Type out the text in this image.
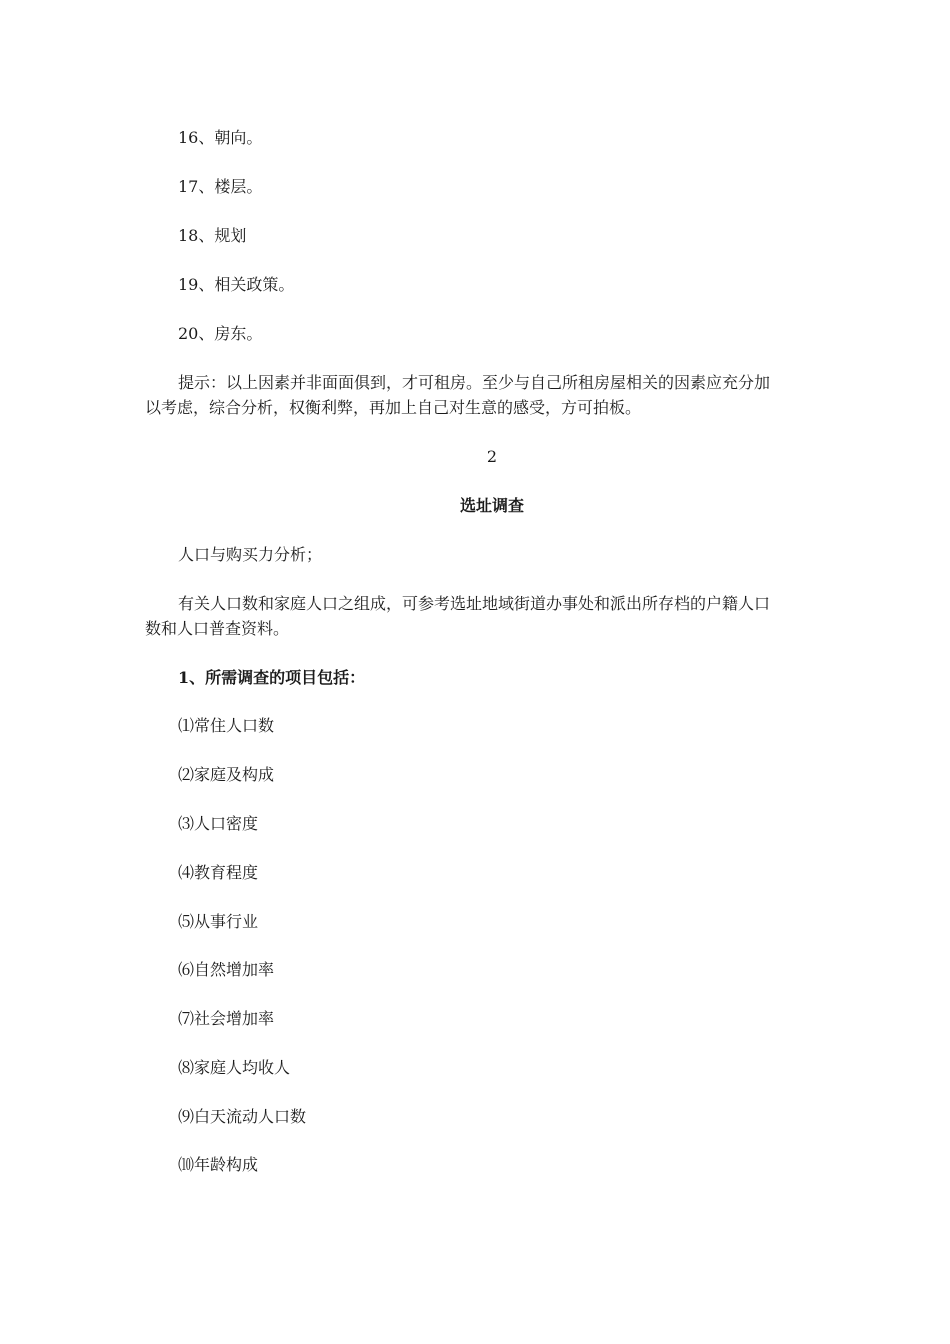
16、朝向。
17、楼层。
18、规划
19、相关政策。
20、房东。
提示：以上因素并非面面俱到，才可租房。至少与自己所租房屋相关的因素应充分加
以考虑，综合分析，权衡利弊，再加上自己对生意的感受，方可拍板。
2
选址调查
人口与购买力分析；
有关人口数和家庭人口之组成，可参考选址地域街道办事处和派出所存档的户籍人口
数和人口普查资料。
1、所需调查的项目包括：
⑴常住人口数
⑵家庭及构成
⑶人口密度
⑷教育程度
⑸从事行业
⑹自然增加率
⑺社会增加率
⑻家庭人均收人
⑼白天流动人口数
⑽年龄构成
